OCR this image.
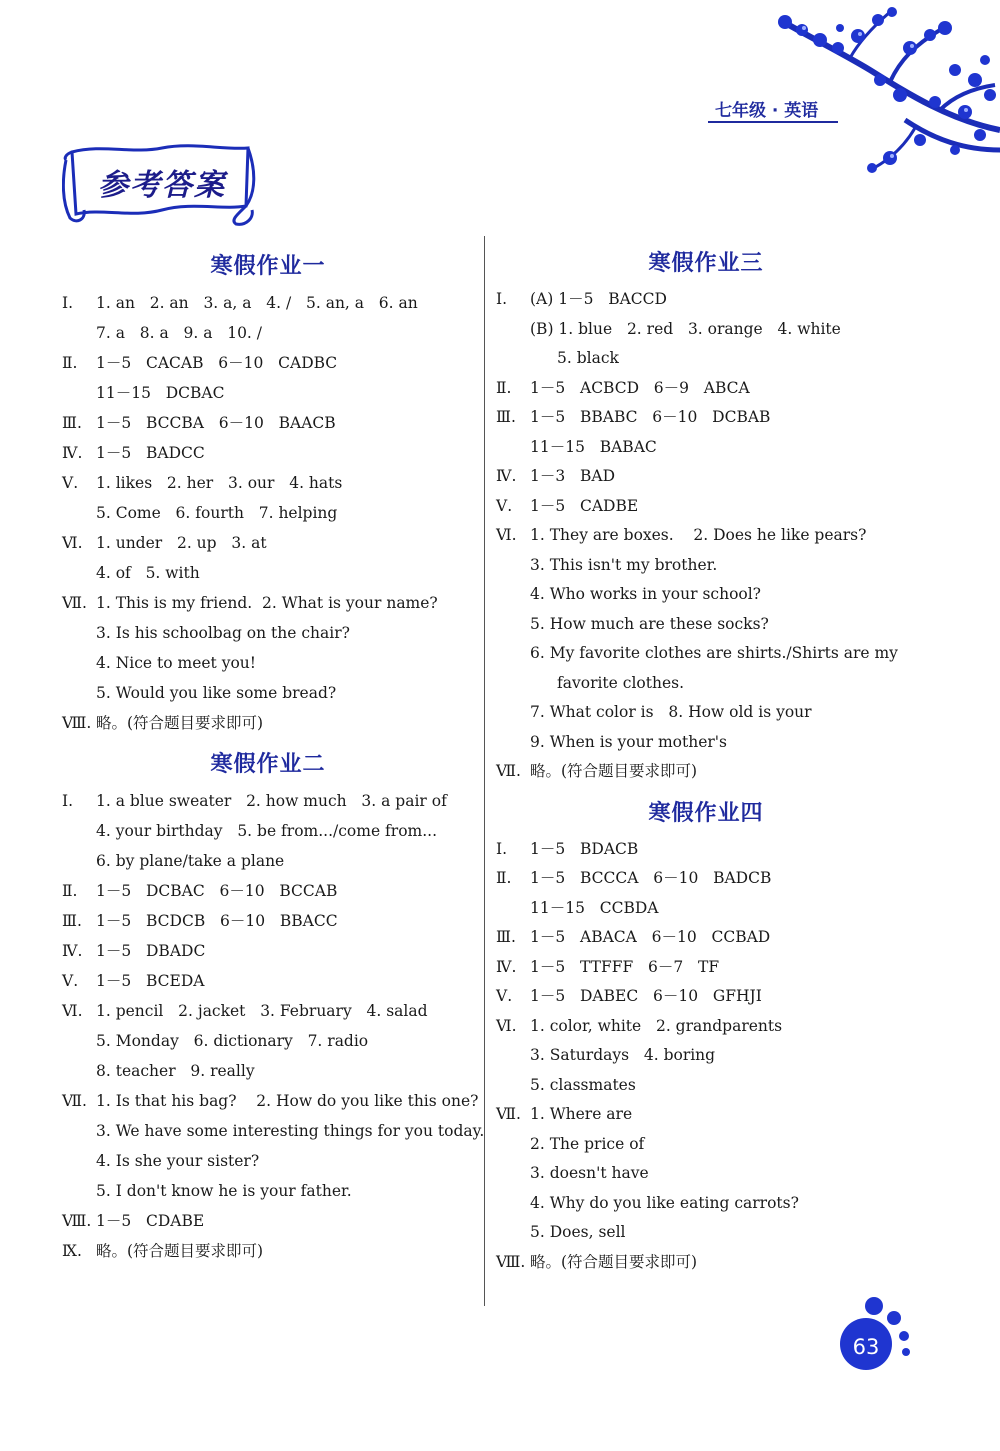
七年级 · 英语
参考答案
寒假作业一
Ⅰ. 1. an   2. an   3. a, a   4. /   5. an, a   6. an
7. a   8. a   9. a   10. /
Ⅱ. 1－5   CACAB   6－10   CADBC
11－15   DCBAC
Ⅲ. 1－5   BCCBA   6－10   BAACB
Ⅳ. 1－5   BADCC
Ⅴ. 1. likes   2. her   3. our   4. hats
5. Come   6. fourth   7. helping
Ⅵ. 1. under   2. up   3. at
4. of   5. with
Ⅶ. 1. This is my friend.  2. What is your name?
3. Is his schoolbag on the chair?
4. Nice to meet you!
5. Would you like some bread?
Ⅷ. 略。(符合题目要求即可)
寒假作业二
Ⅰ. 1. a blue sweater   2. how much   3. a pair of
4. your birthday   5. be from.../come from...
6. by plane/take a plane
Ⅱ. 1－5   DCBAC   6－10   BCCAB
Ⅲ. 1－5   BCDCB   6－10   BBACC
Ⅳ. 1－5   DBADC
Ⅴ. 1－5   BCEDA
Ⅵ. 1. pencil   2. jacket   3. February   4. salad
5. Monday   6. dictionary   7. radio
8. teacher   9. really
Ⅶ. 1. Is that his bag?    2. How do you like this one?
3. We have some interesting things for you today.
4. Is she your sister?
5. I don't know he is your father.
Ⅷ. 1－5   CDABE
Ⅸ. 略。(符合题目要求即可)
寒假作业三
Ⅰ. (A) 1－5   BACCD
(B) 1. blue   2. red   3. orange   4. white
5. black
Ⅱ. 1－5   ACBCD   6－9   ABCA
Ⅲ. 1－5   BBABC   6－10   DCBAB
11－15   BABAC
Ⅳ. 1－3   BAD
Ⅴ. 1－5   CADBE
Ⅵ. 1. They are boxes.    2. Does he like pears?
3. This isn't my brother.
4. Who works in your school?
5. How much are these socks?
6. My favorite clothes are shirts./Shirts are my
favorite clothes.
7. What color is   8. How old is your
9. When is your mother's
Ⅶ. 略。(符合题目要求即可)
寒假作业四
Ⅰ. 1－5   BDACB
Ⅱ. 1－5   BCCCA   6－10   BADCB
11－15   CCBDA
Ⅲ. 1－5   ABACA   6－10   CCBAD
Ⅳ. 1－5   TTFFF   6－7   TF
Ⅴ. 1－5   DABEC   6－10   GFHJI
Ⅵ. 1. color, white   2. grandparents
3. Saturdays   4. boring
5. classmates
Ⅶ. 1. Where are
2. The price of
3. doesn't have
4. Why do you like eating carrots?
5. Does, sell
Ⅷ. 略。(符合题目要求即可)
63
